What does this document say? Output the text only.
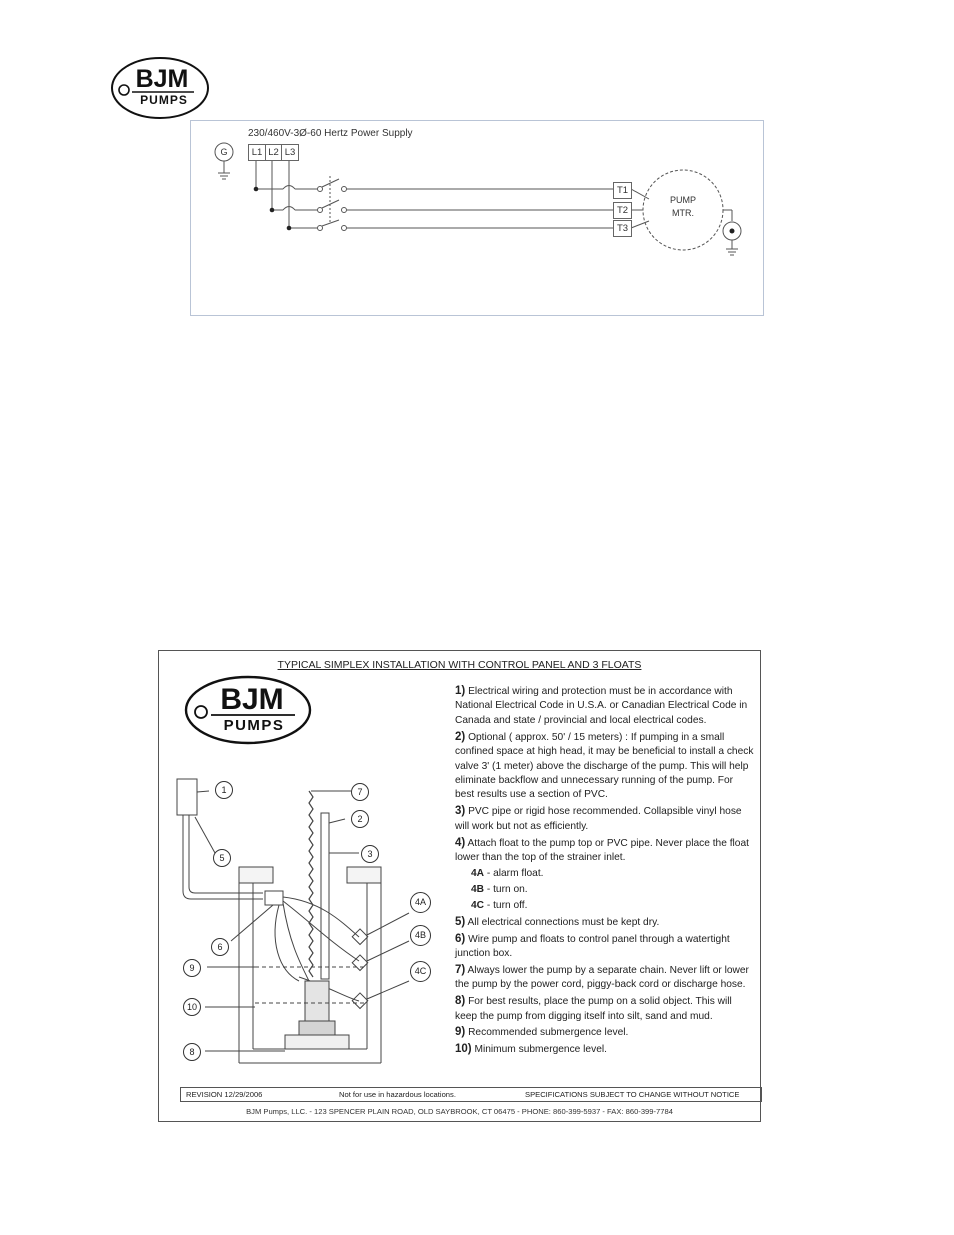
BJM
PUMPS
230/460V-3Ø-60 Hertz Power Supply
G	L1 L2 L3
T1
T2
T3
PUMP
MTR.
TYPICAL SIMPLEX INSTALLATION WITH CONTROL PANEL AND 3 FLOATS
BJM
PUMPS
1
2
3
4A
4B
4C
5
6
7
8
9
10

1) Electrical wiring and protection must be in accordance with National Electrical Code in U.S.A. or Canadian Electrical Code in Canada and state / provincial and local electrical codes.

2) Optional ( approx. 50' / 15 meters) : If pumping in a small confined space at high head, it may be beneficial to install a check valve 3' (1 meter) above the discharge of the pump. This will help eliminate backflow and unnecessary running of the pump. For best results use a section of PVC.

3) PVC pipe or rigid hose recommended. Collapsible vinyl hose will work but not as efficiently.

4) Attach float to the pump top or PVC pipe. Never place the float lower than the top of the strainer inlet.

4A - alarm float.

4B - turn on.

4C - turn off.

5) All electrical connections must be kept dry.

6) Wire pump and floats to control panel through a watertight junction box.

7) Always lower the pump by a separate chain. Never lift or lower the pump by the power cord, piggy-back cord or discharge hose.

8) For best results, place the pump on a solid object. This will keep the pump from digging itself into silt, sand and mud.

9) Recommended submergence level.

10) Minimum submergence level.

REVISION 12/29/2006	Not for use in hazardous locations.	SPECIFICATIONS SUBJECT TO CHANGE WITHOUT NOTICE
BJM Pumps, LLC. - 123 SPENCER PLAIN ROAD, OLD SAYBROOK, CT 06475 - PHONE: 860-399-5937 - FAX: 860-399-7784
